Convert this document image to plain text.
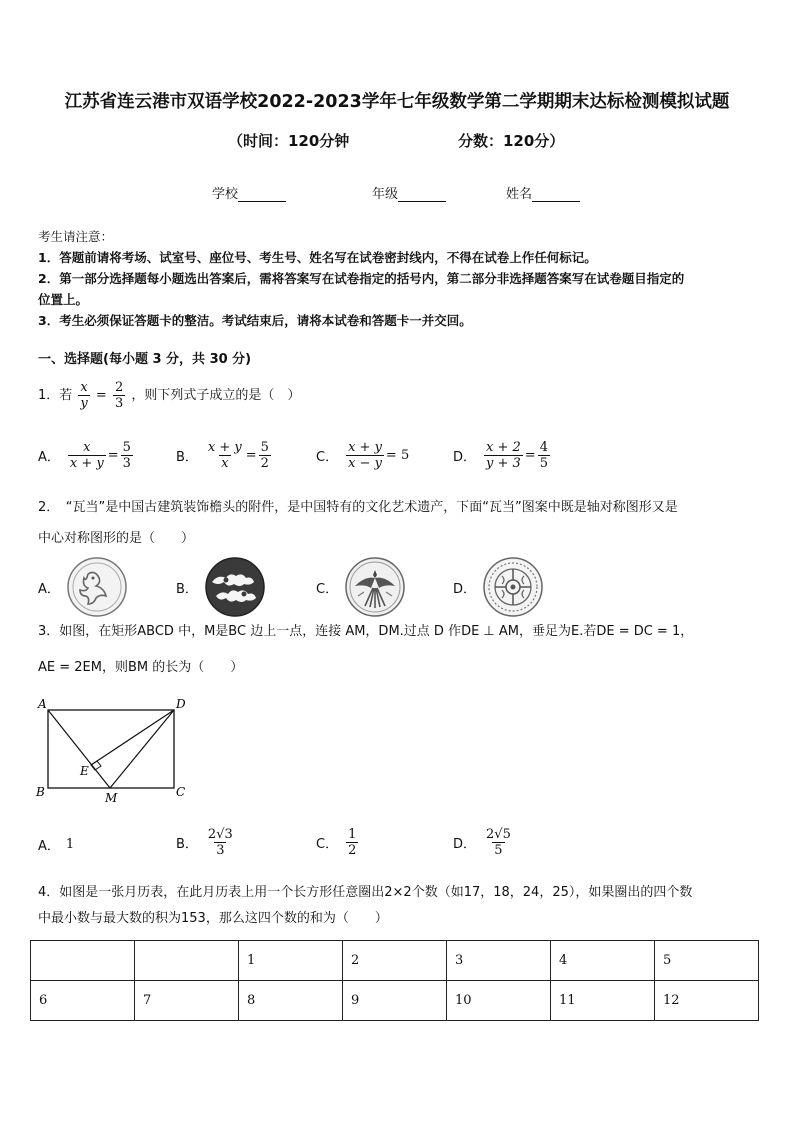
江苏省连云港市双语学校2022-2023学年七年级数学第二学期期末达标检测模拟试题
（时间：120分钟	分数：120分）
学校	年级	姓名
考生请注意：
1．答题前请将考场、试室号、座位号、考生号、姓名写在试卷密封线内，不得在试卷上作任何标记。
2．第一部分选择题每小题选出答案后，需将答案写在试卷指定的括号内，第二部分非选择题答案写在试卷题目指定的
位置上。
3．考生必须保证答题卡的整洁。考试结束后，请将本试卷和答题卡一并交回。
一、选择题(每小题 3 分，共 30 分)
1．若 $\frac{x}{y} = \frac{2}{3}$ ，则下列式子成立的是（　）
A． $\frac{x}{x + y} = \frac{5}{3}$	B． $\frac{x + y}{x} = \frac{5}{2}$	C． $\frac{x + y}{x - y} = 5$	D． $\frac{x + 2}{y + 3} = \frac{4}{5}$
2．　“瓦当”是中国古建筑装饰檐头的附件，是中国特有的文化艺术遗产，下面“瓦当”图案中既是轴对称图形又是
中心对称图形的是（　　）
A．	B．	C．	D．
3．如图，在矩形ABCD 中，M是BC 边上一点，连接 AM，DM.过点 D 作DE ⊥ AM，垂足为E.若DE = DC = 1，
AE = 2EM，则BM 的长为（　　）
A	D
B	C
E
M
A． 1	B． $\frac{2√3}{3}$	C． $\frac{1}{2}$	D． $\frac{2√5}{5}$
4．如图是一张月历表，在此月历表上用一个长方形任意圈出2×2个数（如17，18，24，25），如果圈出的四个数
中最小数与最大数的积为153，那么这四个数的和为（　　）
		1	2	3	4	5
6	7	8	9	10	11	12
